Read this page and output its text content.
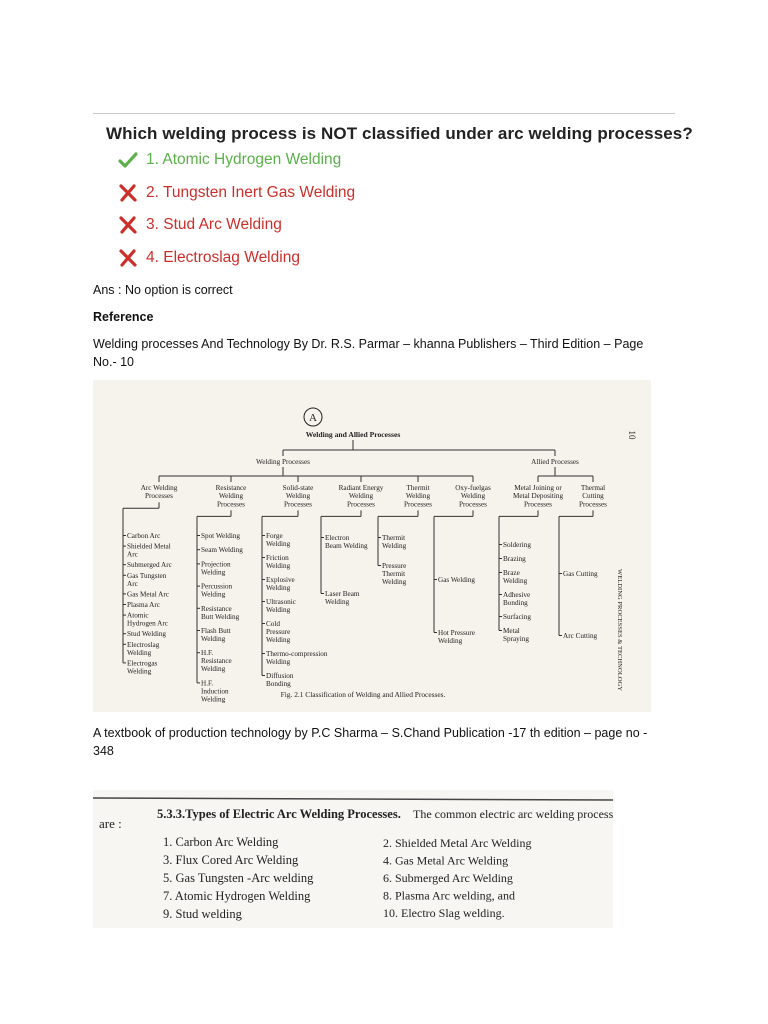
Which welding process is NOT classified under arc welding processes?
1. Atomic Hydrogen Welding
2. Tungsten Inert Gas Welding
3. Stud Arc Welding
4. Electroslag Welding
Ans : No option is correct
Reference
Welding processes And Technology By Dr. R.S. Parmar – khanna Publishers – Third Edition – Page
No.- 10
A
10
WELDING PROCESSES & TECHNOLOGY
Welding and Allied Processes
Welding Processes	Allied Processes
Arc Welding
Processes
Carbon Arc
Shielded Metal
Arc
Submerged Arc
Gas Tungsten
Arc
Gas Metal Arc
Plasma Arc
Atomic
Hydrogen Arc
Stud Welding
Electroslag
Welding
Electrogas
Welding
Resistance
Welding
Processes
Spot Welding
Seam Welding
Projection
Welding
Percussion
Welding
Resistance
Butt Welding
Flash Butt
Welding
H.F.
Resistance
Welding
H.F.
Induction
Welding
Solid-state
Welding
Processes
Forge
Welding
Friction
Welding
Explosive
Welding
Ultrasonic
Welding
Cold
Pressure
Welding
Thermo-compression
Welding
Diffusion
Bonding
Radiant Energy
Welding
Processes
Electron
Beam Welding
Laser Beam
Welding
Thermit
Welding
Processes
Thermit
Welding
Pressure
Thermit
Welding
Oxy-fuelgas
Welding
Processes
Gas Welding
Hot Pressure
Welding
Metal Joining or
Metal Depositing
Processes
Soldering
Brazing
Braze
Welding
Adhesive
Bonding
Surfacing
Metal
Spraying
Thermal
Cutting
Processes
Gas Cutting
Arc Cutting
Fig. 2.1 Classification of Welding and Allied Processes.
A textbook of production technology by P.C Sharma – S.Chand Publication -17 th edition – page no -
348
5.3.3.Types of Electric Arc Welding Processes. The common electric arc welding processes
are :
1. Carbon Arc Welding
3. Flux Cored Arc Welding
5. Gas Tungsten -Arc welding
7. Atomic Hydrogen Welding
9. Stud welding
2. Shielded Metal Arc Welding
4. Gas Metal Arc Welding
6. Submerged Arc Welding
8. Plasma Arc welding, and
10. Electro Slag welding.
